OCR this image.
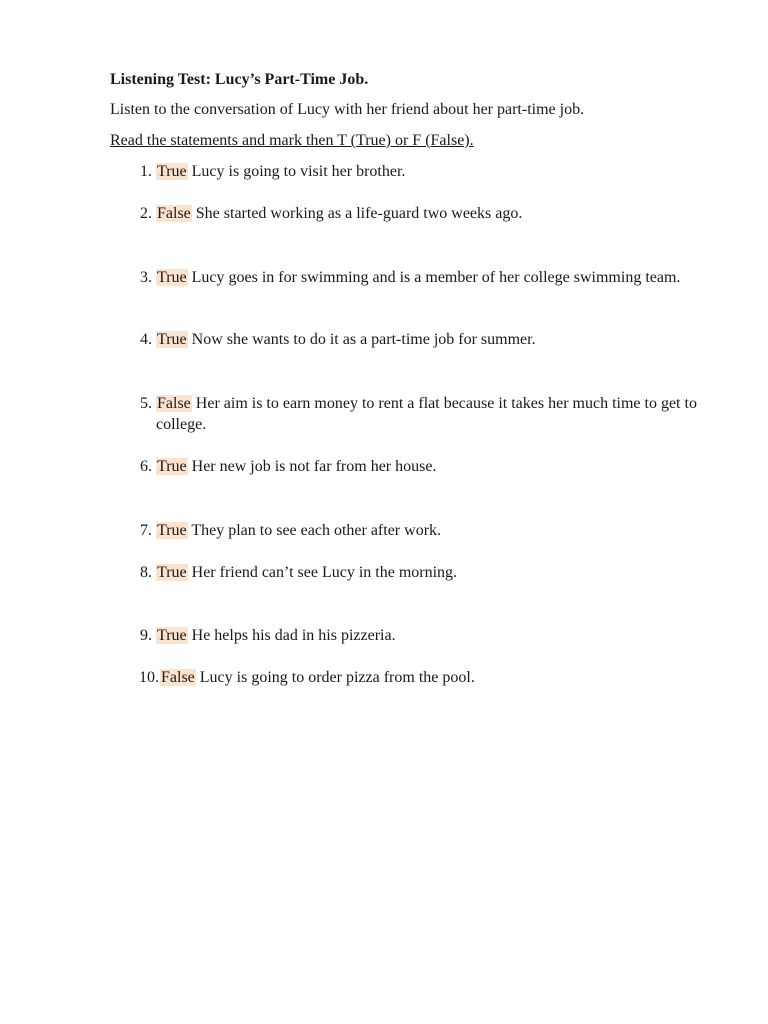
Listening Test: Lucy’s Part-Time Job.
Listen to the conversation of Lucy with her friend about her part-time job.
Read the statements and mark then T (True) or F (False).
1. True Lucy is going to visit her brother.
2. False She started working as a life-guard two weeks ago.
3. True Lucy goes in for swimming and is a member of her college swimming team.
4. True Now she wants to do it as a part-time job for summer.
5. False Her aim is to earn money to rent a flat because it takes her much time to get to college.
6. True Her new job is not far from her house.
7. True They plan to see each other after work.
8. True Her friend can’t see Lucy in the morning.
9. True He helps his dad in his pizzeria.
10. False Lucy is going to order pizza from the pool.
